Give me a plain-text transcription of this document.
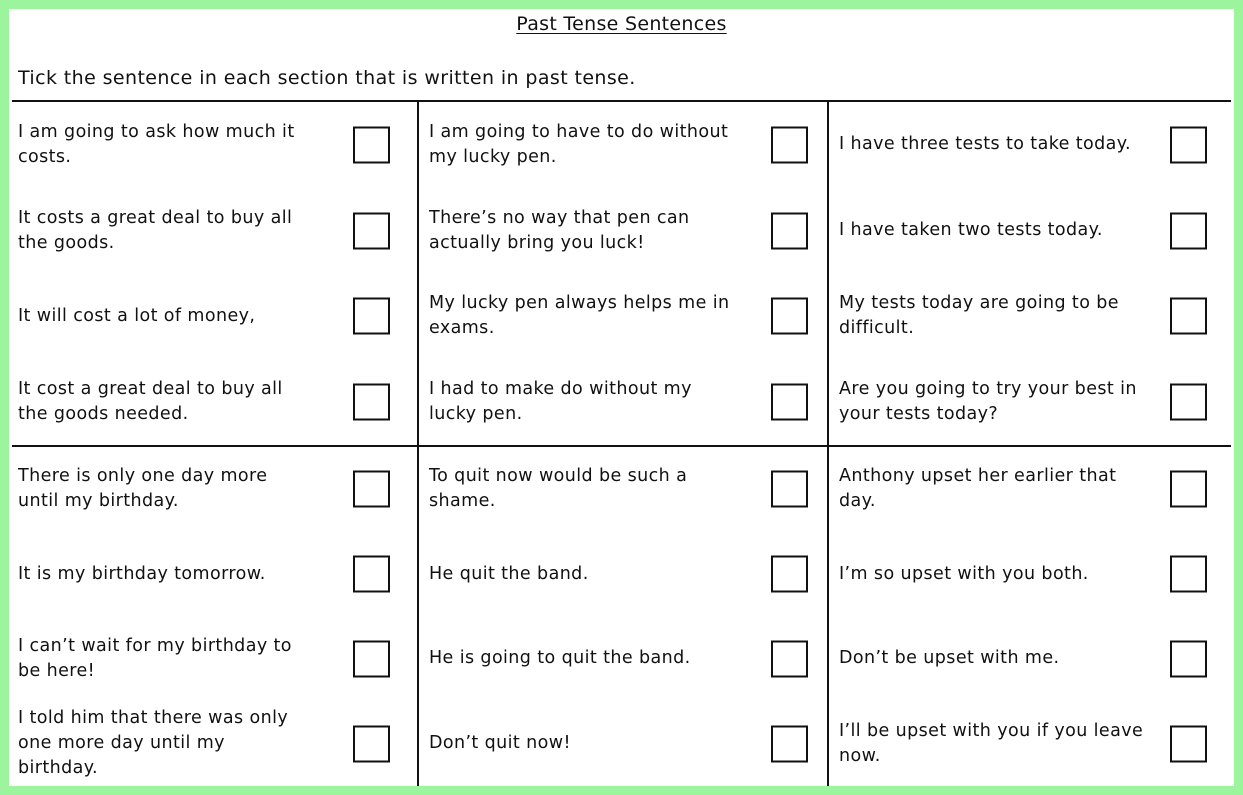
Past Tense Sentences
Tick the sentence in each section that is written in past tense.
I am going to ask how much it costs.
It costs a great deal to buy all the goods.
It will cost a lot of money,
It cost a great deal to buy all the goods needed.
I am going to have to do without my lucky pen.
There’s no way that pen can actually bring you luck!
My lucky pen always helps me in exams.
I had to make do without my lucky pen.
I have three tests to take today.
I have taken two tests today.
My tests today are going to be difficult.
Are you going to try your best in your tests today?
There is only one day more until my birthday.
It is my birthday tomorrow.
I can’t wait for my birthday to be here!
I told him that there was only one more day until my birthday.
To quit now would be such a shame.
He quit the band.
He is going to quit the band.
Don’t quit now!
Anthony upset her earlier that day.
I’m so upset with you both.
Don’t be upset with me.
I’ll be upset with you if you leave now.
